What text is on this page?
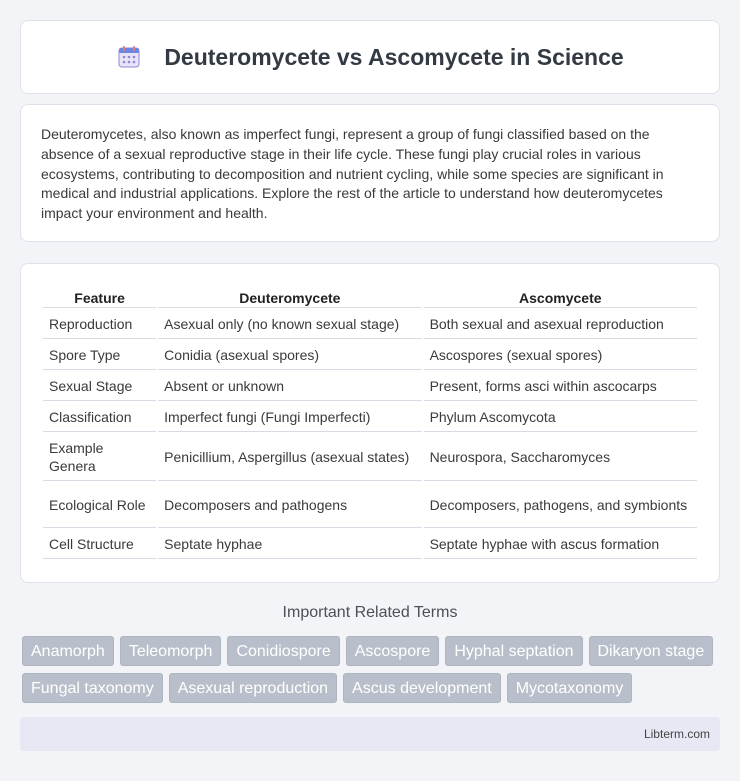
Deuteromycete vs Ascomycete in Science

Deuteromycetes, also known as imperfect fungi, represent a group of fungi classified based on the absence of a sexual reproductive stage in their life cycle. These fungi play crucial roles in various ecosystems, contributing to decomposition and nutrient cycling, while some species are significant in medical and industrial applications. Explore the rest of the article to understand how deuteromycetes impact your environment and health.

Feature	Deuteromycete	Ascomycete
Reproduction	Asexual only (no known sexual stage)	Both sexual and asexual reproduction
Spore Type	Conidia (asexual spores)	Ascospores (sexual spores)
Sexual Stage	Absent or unknown	Present, forms asci within ascocarps
Classification	Imperfect fungi (Fungi Imperfecti)	Phylum Ascomycota
Example Genera	Penicillium, Aspergillus (asexual states)	Neurospora, Saccharomyces
Ecological Role	Decomposers and pathogens	Decomposers, pathogens, and symbionts
Cell Structure	Septate hyphae	Septate hyphae with ascus formation
Important Related Terms
Anamorph	Teleomorph	Conidiospore	Ascospore	Hyphal septation	Dikaryon stage
Fungal taxonomy	Asexual reproduction	Ascus development	Mycotaxonomy
Libterm.com
